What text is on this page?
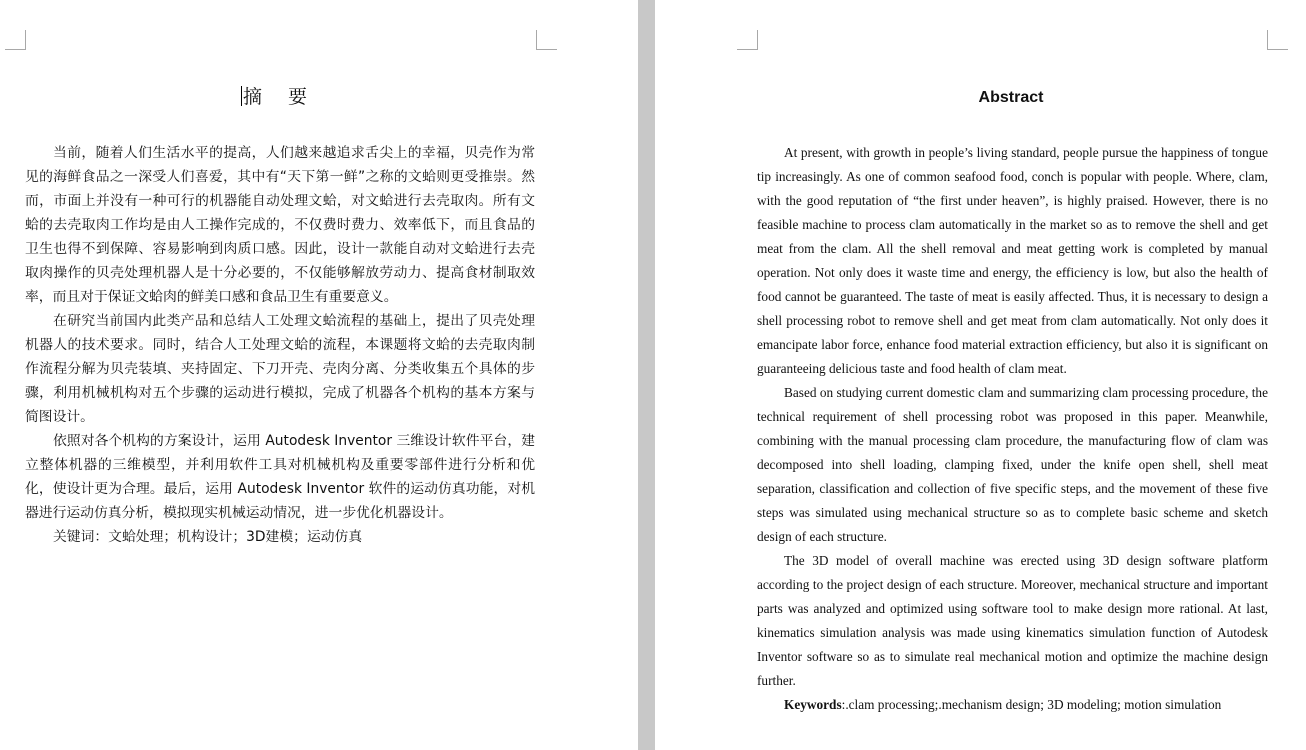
摘 要

当前，随着人们生活水平的提高，人们越来越追求舌尖上的幸福，贝壳作为常见的海鲜食品之一深受人们喜爱，其中有“天下第一鲜”之称的文蛤则更受推崇。然而，市面上并没有一种可行的机器能自动处理文蛤，对文蛤进行去壳取肉。所有文蛤的去壳取肉工作均是由人工操作完成的，不仅费时费力、效率低下，而且食品的卫生也得不到保障、容易影响到肉质口感。因此，设计一款能自动对文蛤进行去壳取肉操作的贝壳处理机器人是十分必要的，不仅能够解放劳动力、提高食材制取效率，而且对于保证文蛤肉的鲜美口感和食品卫生有重要意义。

在研究当前国内此类产品和总结人工处理文蛤流程的基础上，提出了贝壳处理机器人的技术要求。同时，结合人工处理文蛤的流程，本课题将文蛤的去壳取肉制作流程分解为贝壳装填、夹持固定、下刀开壳、壳肉分离、分类收集五个具体的步骤，利用机械机构对五个步骤的运动进行模拟，完成了机器各个机构的基本方案与简图设计。

依照对各个机构的方案设计，运用 Autodesk Inventor 三维设计软件平台，建立整体机器的三维模型，并利用软件工具对机械机构及重要零部件进行分析和优化，使设计更为合理。最后，运用 Autodesk Inventor 软件的运动仿真功能，对机器进行运动仿真分析，模拟现实机械运动情况，进一步优化机器设计。

关键词：文蛤处理；机构设计；3D建模；运动仿真

Abstract

At present, with growth in people’s living standard, people pursue the happiness of tongue tip increasingly. As one of common seafood food, conch is popular with people. Where, clam, with the good reputation of “the first under heaven”, is highly praised. However, there is no feasible machine to process clam automatically in the market so as to remove the shell and get meat from the clam. All the shell removal and meat getting work is completed by manual operation. Not only does it waste time and energy, the efficiency is low, but also the health of food cannot be guaranteed. The taste of meat is easily affected. Thus, it is necessary to design a shell processing robot to remove shell and get meat from clam automatically. Not only does it emancipate labor force, enhance food material extraction efficiency, but also it is significant on guaranteeing delicious taste and food health of clam meat.

Based on studying current domestic clam and summarizing clam processing procedure, the technical requirement of shell processing robot was proposed in this paper. Meanwhile, combining with the manual processing clam procedure, the manufacturing flow of clam was decomposed into shell loading, clamping fixed, under the knife open shell, shell meat separation, classification and collection of five specific steps, and the movement of these five steps was simulated using mechanical structure so as to complete basic scheme and sketch design of each structure.

The 3D model of overall machine was erected using 3D design software platform according to the project design of each structure. Moreover, mechanical structure and important parts was analyzed and optimized using software tool to make design more rational. At last, kinematics simulation analysis was made using kinematics simulation function of Autodesk Inventor software so as to simulate real mechanical motion and optimize the machine design further.

Keywords:.clam processing;.mechanism design; 3D modeling; motion simulation
